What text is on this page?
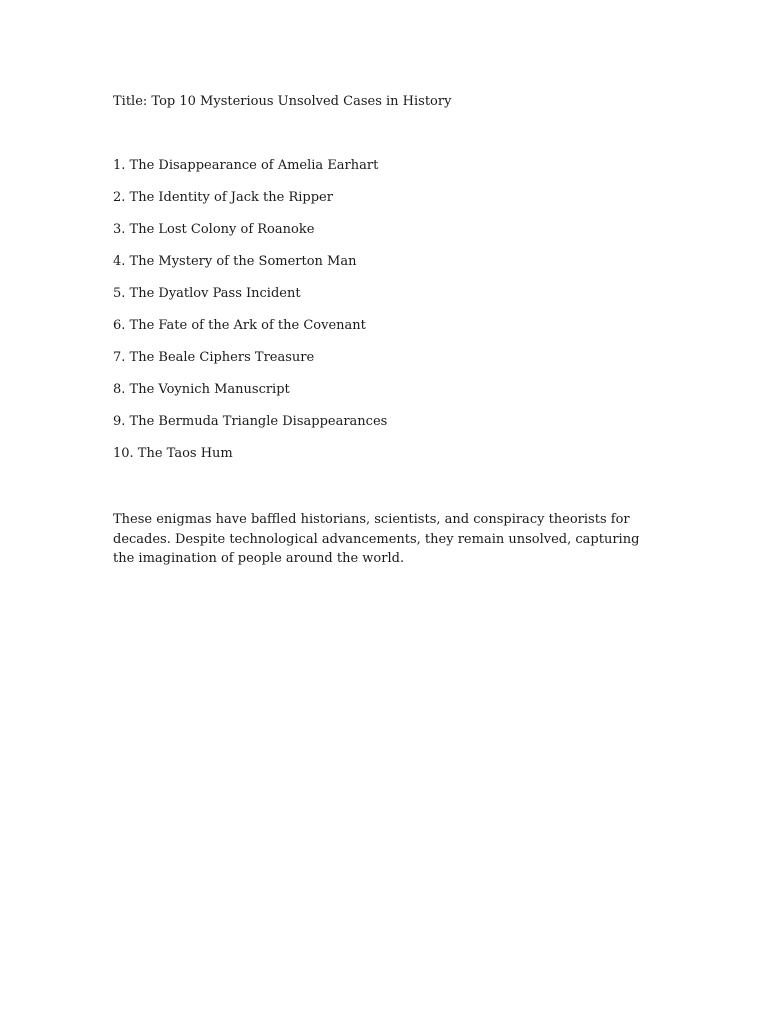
Title: Top 10 Mysterious Unsolved Cases in History

1. The Disappearance of Amelia Earhart
2. The Identity of Jack the Ripper
3. The Lost Colony of Roanoke
4. The Mystery of the Somerton Man
5. The Dyatlov Pass Incident
6. The Fate of the Ark of the Covenant
7. The Beale Ciphers Treasure
8. The Voynich Manuscript
9. The Bermuda Triangle Disappearances
10. The Taos Hum

These enigmas have baffled historians, scientists, and conspiracy theorists for decades. Despite technological advancements, they remain unsolved, capturing the imagination of people around the world.
